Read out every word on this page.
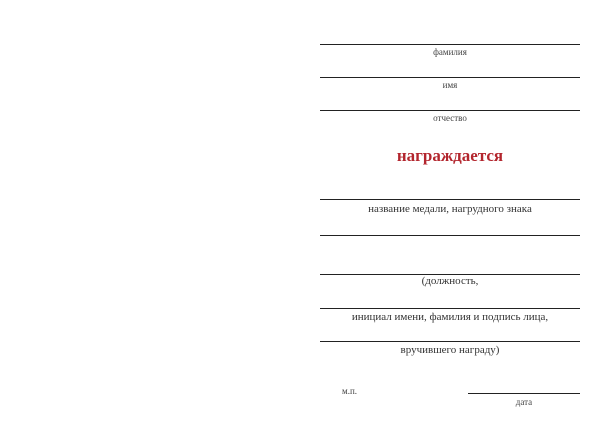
фамилия
имя
отчество
награждается
название медали, нагрудного знака
(должность,
инициал имени, фамилия и подпись лица,
вручившего награду)
м.п.
дата
